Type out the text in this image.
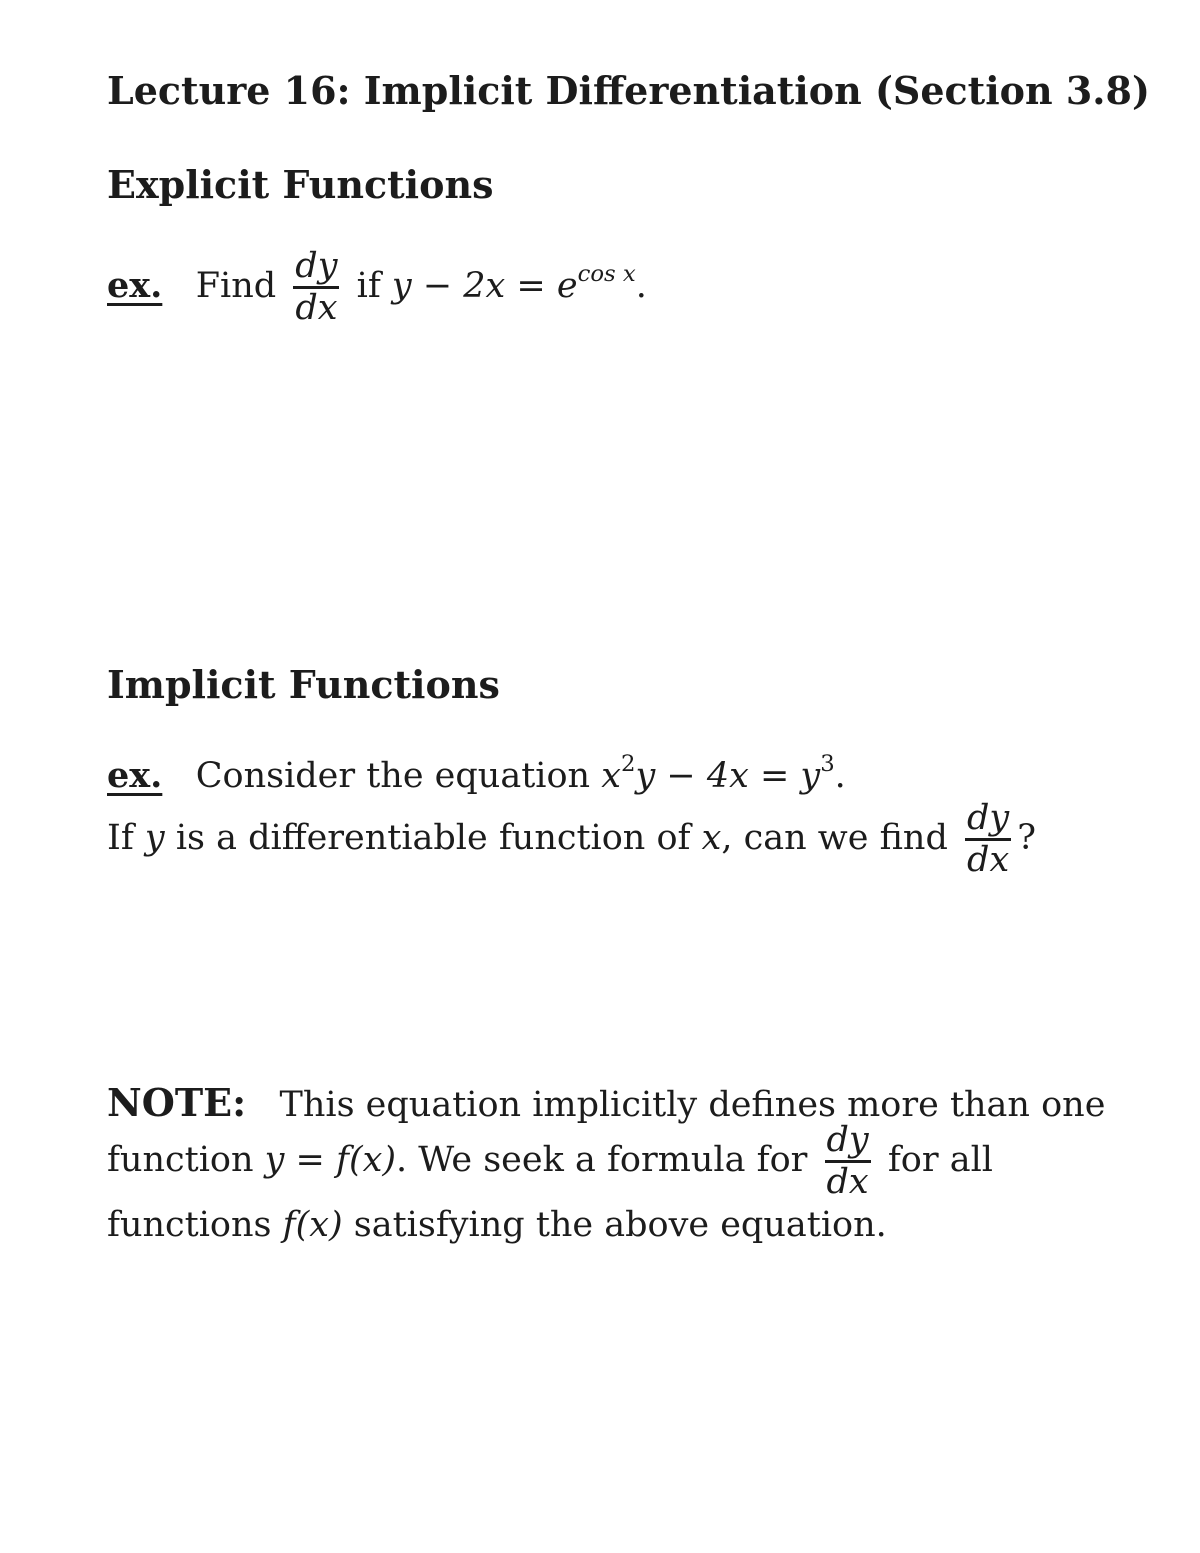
Lecture 16: Implicit Differentiation (Section 3.8)
Explicit Functions
ex. Find $\frac{dy}{dx}$ if $y - 2x = e^{cos x}$.
Implicit Functions
ex. Consider the equation $x^2y - 4x = y^3$.
If y is a differentiable function of x, can we find $\frac{dy}{dx}$ ?
NOTE: This equation implicitly defines more than one
function y = f(x). We seek a formula for $\frac{dy}{dx}$ for all
functions f(x) satisfying the above equation.
